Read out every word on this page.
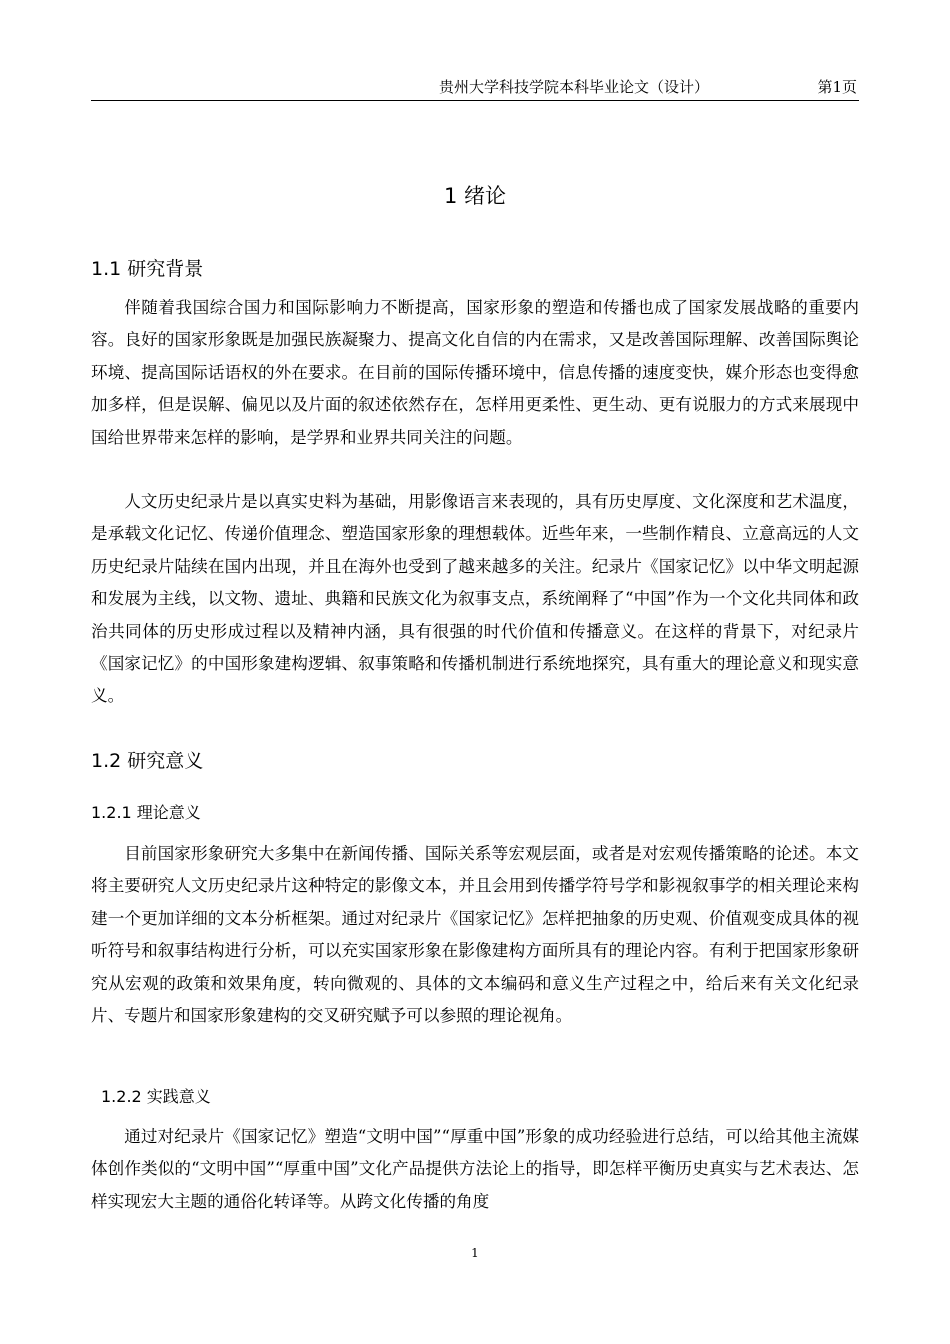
贵州大学科技学院本科毕业论文（设计）	第1页
1 绪论
1.1 研究背景

伴随着我国综合国力和国际影响力不断提高，国家形象的塑造和传播也成了国家发展战略的重要内容。良好的国家形象既是加强民族凝聚力、提高文化自信的内在需求，又是改善国际理解、改善国际舆论环境、提高国际话语权的外在要求。在目前的国际传播环境中，信息传播的速度变快，媒介形态也变得愈加多样，但是误解、偏见以及片面的叙述依然存在，怎样用更柔性、更生动、更有说服力的方式来展现中国给世界带来怎样的影响，是学界和业界共同关注的问题。

人文历史纪录片是以真实史料为基础，用影像语言来表现的，具有历史厚度、文化深度和艺术温度，是承载文化记忆、传递价值理念、塑造国家形象的理想载体。近些年来，一些制作精良、立意高远的人文历史纪录片陆续在国内出现，并且在海外也受到了越来越多的关注。纪录片《国家记忆》以中华文明起源和发展为主线，以文物、遗址、典籍和民族文化为叙事支点，系统阐释了“中国”作为一个文化共同体和政治共同体的历史形成过程以及精神内涵，具有很强的时代价值和传播意义。在这样的背景下，对纪录片《国家记忆》的中国形象建构逻辑、叙事策略和传播机制进行系统地探究，具有重大的理论意义和现实意义。

1.2 研究意义
1.2.1 理论意义

目前国家形象研究大多集中在新闻传播、国际关系等宏观层面，或者是对宏观传播策略的论述。本文将主要研究人文历史纪录片这种特定的影像文本，并且会用到传播学符号学和影视叙事学的相关理论来构建一个更加详细的文本分析框架。通过对纪录片《国家记忆》怎样把抽象的历史观、价值观变成具体的视听符号和叙事结构进行分析，可以充实国家形象在影像建构方面所具有的理论内容。有利于把国家形象研究从宏观的政策和效果角度，转向微观的、具体的文本编码和意义生产过程之中，给后来有关文化纪录片、专题片和国家形象建构的交叉研究赋予可以参照的理论视角。

1.2.2 实践意义

通过对纪录片《国家记忆》塑造“文明中国”“厚重中国”形象的成功经验进行总结，可以给其他主流媒体创作类似的“文明中国”“厚重中国”文化产品提供方法论上的指导，即怎样平衡历史真实与艺术表达、怎样实现宏大主题的通俗化转译等。从跨文化传播的角度

1
